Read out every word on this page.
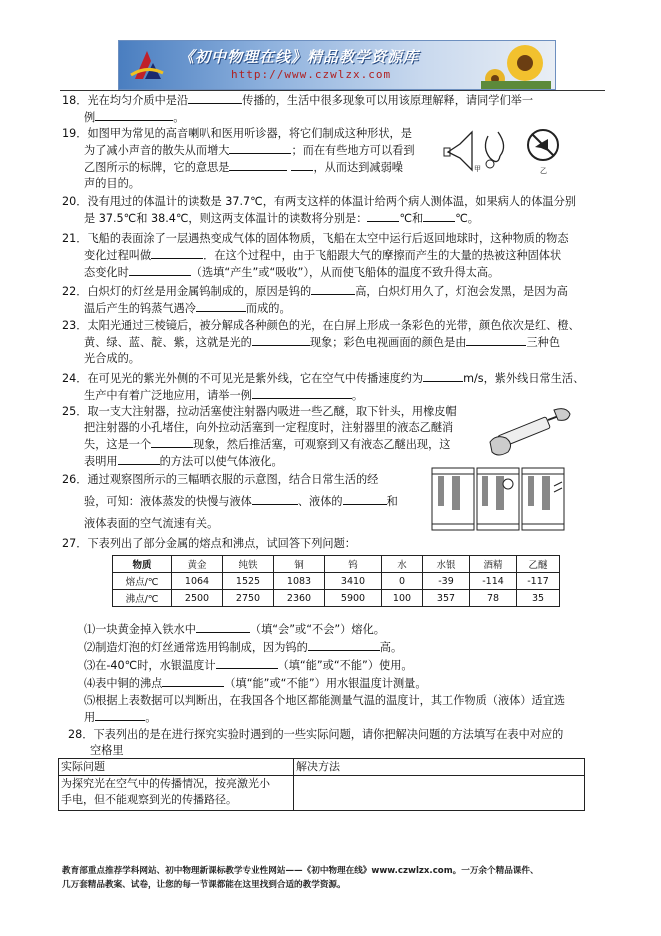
《初中物理在线》精品教学资源库
http://www.czwlzx.com
18．光在均匀介质中是沿	传播的，生活中很多现象可以用该原理解释，请同学们举一
例	。
19．如图甲为常见的高音喇叭和医用听诊器，将它们制成这种形状，是
为了减小声音的散失从而增大	；而在有些地方可以看到
乙图所示的标牌，它的意思是	，从而达到减弱噪
声的目的。
甲	乙
20．没有甩过的体温计的读数是 37.7℃，有两支这样的体温计给两个病人测体温，如果病人的体温分别
是 37.5℃和 38.4℃，则这两支体温计的读数将分别是：	℃和	℃。
21．飞船的表面涂了一层遇热变成气体的固体物质，飞船在太空中运行后返回地球时，这种物质的物态
变化过程叫做	．在这个过程中，由于飞船跟大气的摩擦而产生的大量的热被这种固体状
态变化时	（选填“产生”或“吸收”），从而使飞船体的温度不致升得太高。
22．白炽灯的灯丝是用金属钨制成的，原因是钨的	高，白炽灯用久了，灯泡会发黑，是因为高
温后产生的钨蒸气遇冷	而成的。
23．太阳光通过三棱镜后，被分解成各种颜色的光，在白屏上形成一条彩色的光带，颜色依次是红、橙、
黄、绿、蓝、靛、紫，这就是光的	现象；彩色电视画面的颜色是由	三种色
光合成的。
24．在可见光的紫光外侧的不可见光是紫外线，它在空气中传播速度约为	m/s，紫外线日常生活、
生产中有着广泛地应用，请举一例	。
25．取一支大注射器，拉动活塞使注射器内吸进一些乙醚，取下针头，用橡皮帽
把注射器的小孔堵住，向外拉动活塞到一定程度时，注射器里的液态乙醚消
失，这是一个	现象，然后推活塞，可观察到又有液态乙醚出现，这
表明用	的方法可以使气体液化。
26．通过观察图所示的三幅晒衣服的示意图，结合日常生活的经
验，可知：液体蒸发的快慢与液体	、液体的	和
液体表面的空气流速有关。
27．下表列出了部分金属的熔点和沸点，试回答下列问题：
物质	黄金	纯铁	铜	钨	水	水银	酒精	乙醚
熔点/℃	1064	1525	1083	3410	0	-39	-114	-117
沸点/℃	2500	2750	2360	5900	100	357	78	35
⑴一块黄金掉入铁水中	（填“会”或“不会”）熔化。
⑵制造灯泡的灯丝通常选用钨制成，因为钨的	高。
⑶在-40℃时，水银温度计	（填“能”或“不能”）使用。
⑷表中铜的沸点	（填“能”或“不能”）用水银温度计测量。
⑸根据上表数据可以判断出，在我国各个地区都能测量气温的温度计，其工作物质（液体）适宜选
用	。
28．下表列出的是在进行探究实验时遇到的一些实际问题，请你把解决问题的方法填写在表中对应的
空格里
实际问题	解决方法

为探究光在空气中的传播情况，按亮激光小
手电，但不能观察到光的传播路径。	

教育部重点推荐学科网站、初中物理新课标教学专业性网站——《初中物理在线》www.czwlzx.com。一万余个精品课件、
几万套精品教案、试卷，让您的每一节课都能在这里找到合适的教学资源。
